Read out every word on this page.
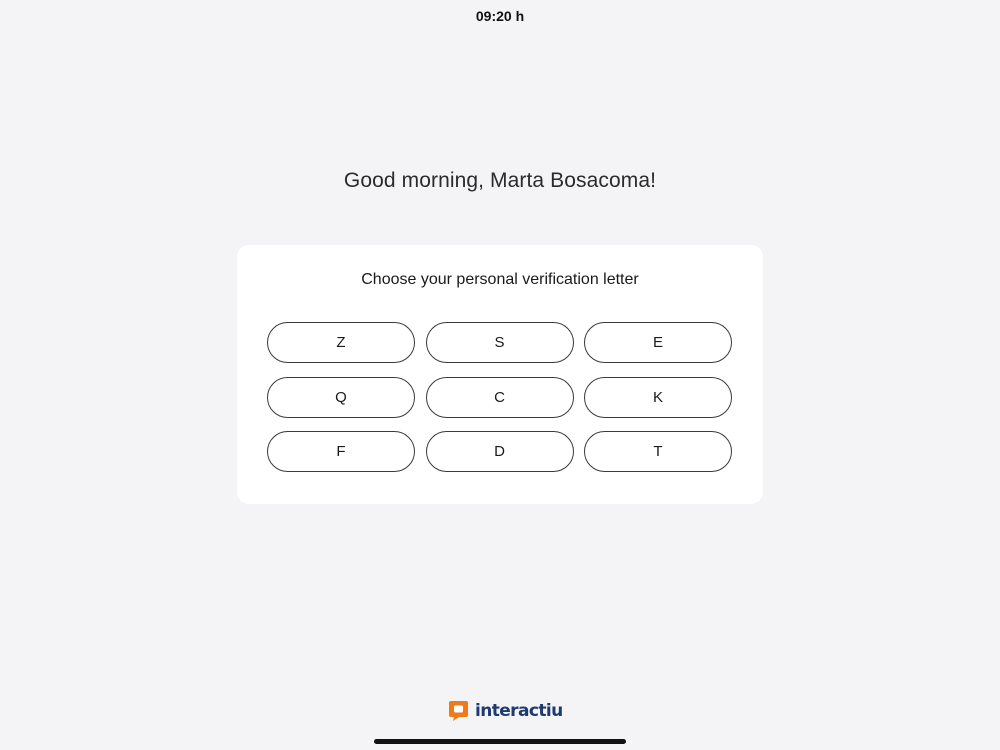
09:20 h
Good morning, Marta Bosacoma!
Choose your personal verification letter
Z	S	E
Q	C	K
F	D	T
interactiu
